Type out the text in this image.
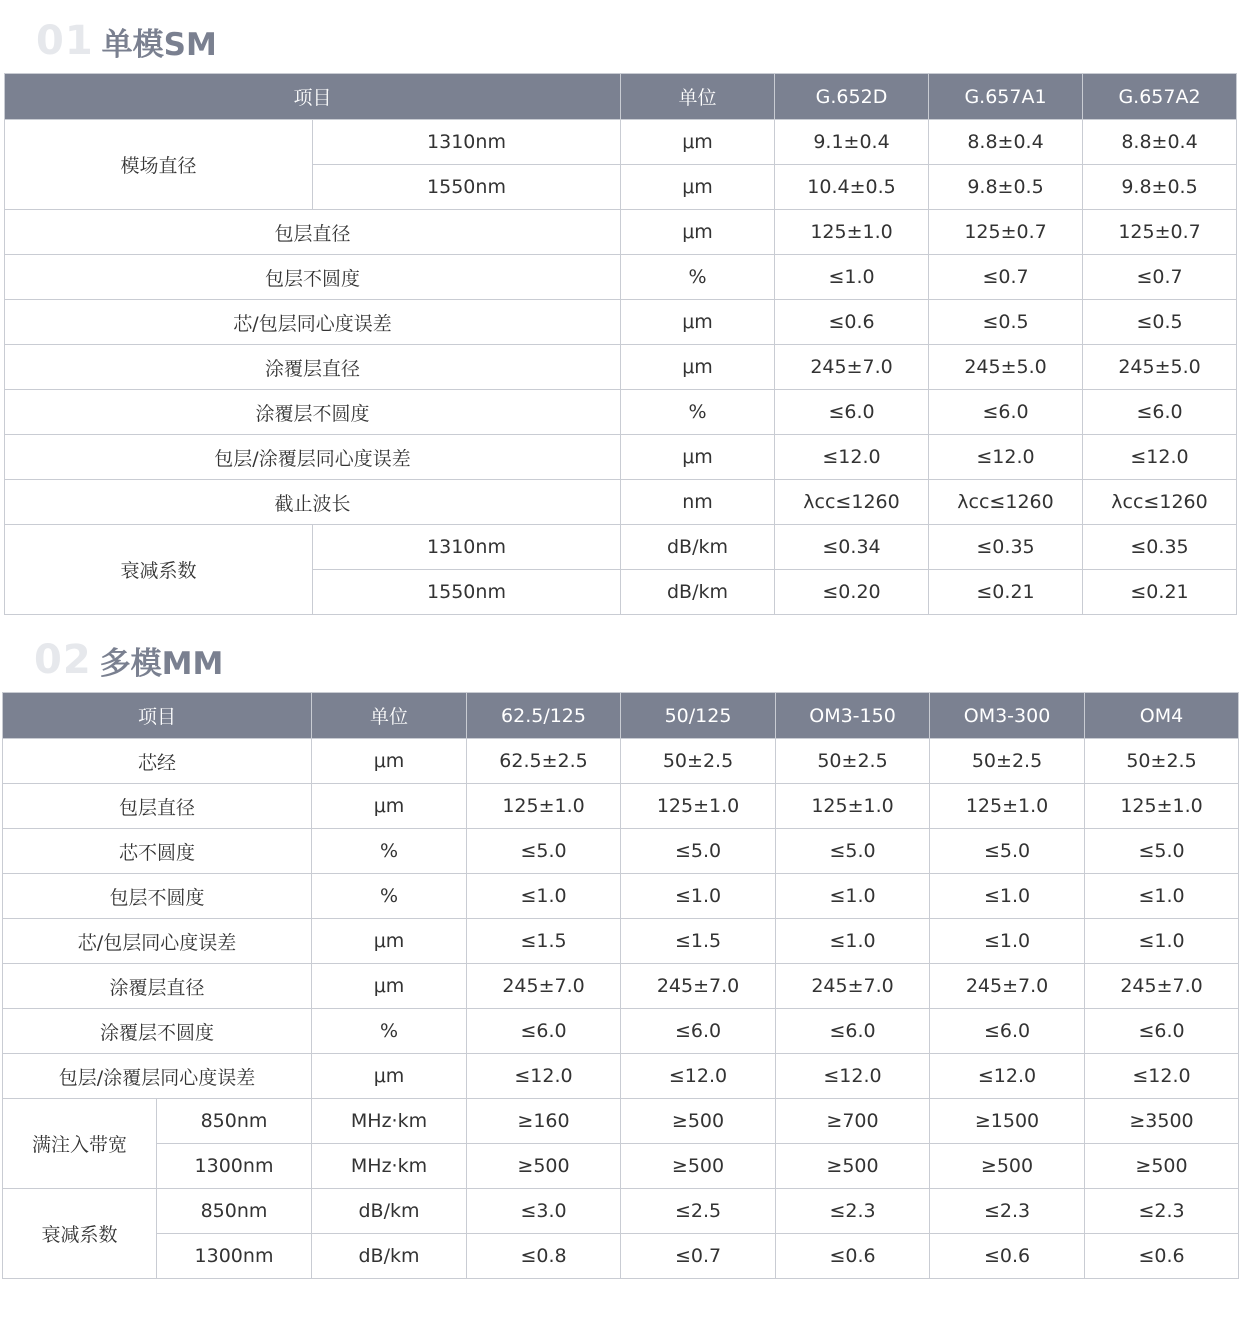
01 单模SM
项目		单位	G.652D	G.657A1	G.657A2
模场直径	1310nm	μm	9.1±0.4	8.8±0.4	8.8±0.4
	1550nm	μm	10.4±0.5	9.8±0.5	9.8±0.5
包层直径		μm	125±1.0	125±0.7	125±0.7
包层不圆度		%	≤1.0	≤0.7	≤0.7
芯/包层同心度误差		μm	≤0.6	≤0.5	≤0.5
涂覆层直径		μm	245±7.0	245±5.0	245±5.0
涂覆层不圆度		%	≤6.0	≤6.0	≤6.0
包层/涂覆层同心度误差		μm	≤12.0	≤12.0	≤12.0
截止波长		nm	λcc≤1260	λcc≤1260	λcc≤1260
衰减系数	1310nm	dB/km	≤0.34	≤0.35	≤0.35
	1550nm	dB/km	≤0.20	≤0.21	≤0.21
02 多模MM
项目		单位	62.5/125	50/125	OM3-150	OM3-300	OM4
芯经		μm	62.5±2.5	50±2.5	50±2.5	50±2.5	50±2.5
包层直径		μm	125±1.0	125±1.0	125±1.0	125±1.0	125±1.0
芯不圆度		%	≤5.0	≤5.0	≤5.0	≤5.0	≤5.0
包层不圆度		%	≤1.0	≤1.0	≤1.0	≤1.0	≤1.0
芯/包层同心度误差		μm	≤1.5	≤1.5	≤1.0	≤1.0	≤1.0
涂覆层直径		μm	245±7.0	245±7.0	245±7.0	245±7.0	245±7.0
涂覆层不圆度		%	≤6.0	≤6.0	≤6.0	≤6.0	≤6.0
包层/涂覆层同心度误差		μm	≤12.0	≤12.0	≤12.0	≤12.0	≤12.0
满注入带宽	850nm	MHz·km	≥160	≥500	≥700	≥1500	≥3500
	1300nm	MHz·km	≥500	≥500	≥500	≥500	≥500
衰减系数	850nm	dB/km	≤3.0	≤2.5	≤2.3	≤2.3	≤2.3
	1300nm	dB/km	≤0.8	≤0.7	≤0.6	≤0.6	≤0.6
